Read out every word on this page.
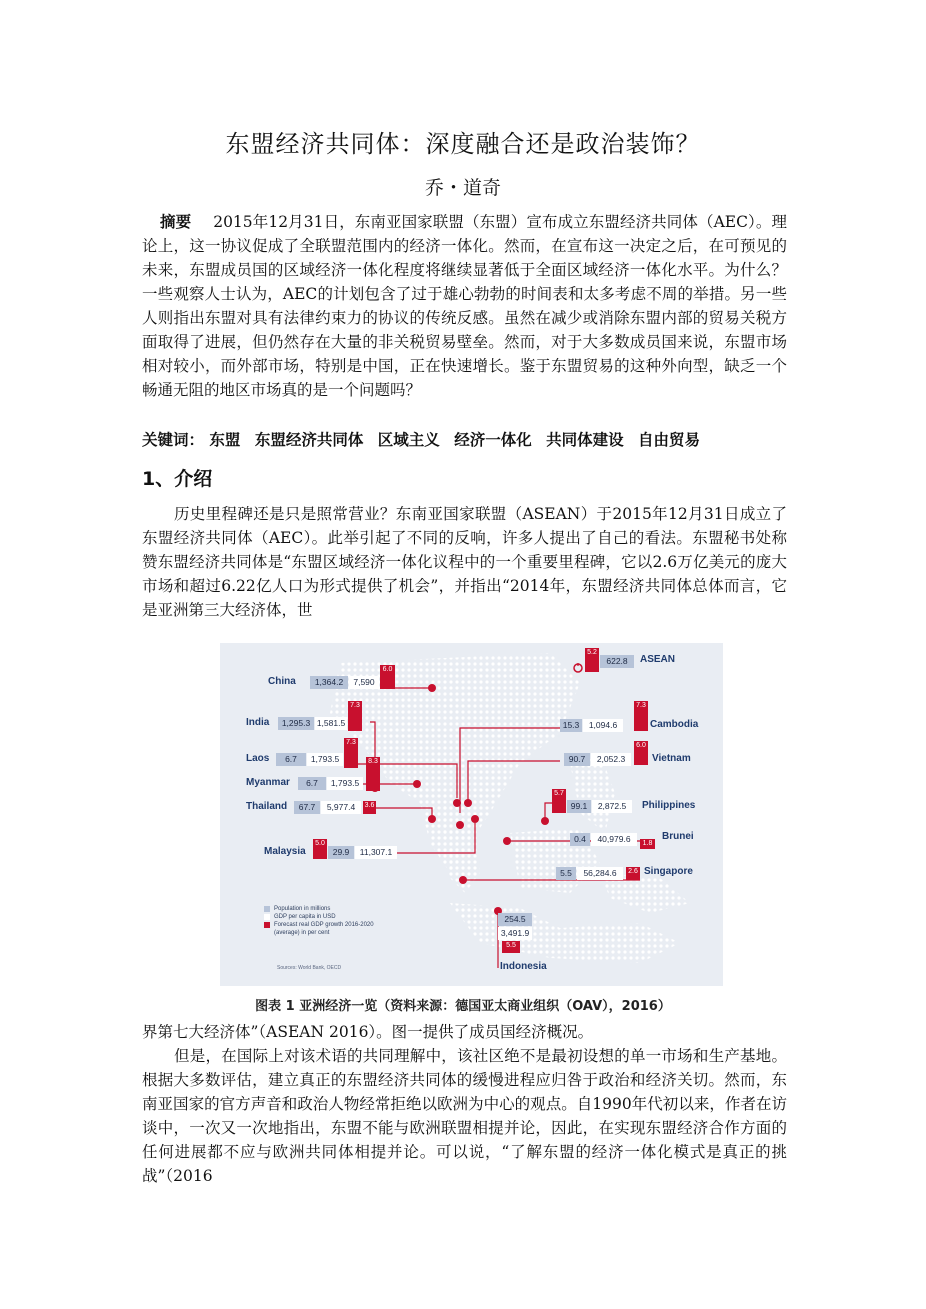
东盟经济共同体：深度融合还是政治装饰？
乔・道奇

摘要 2015年12月31日，东南亚国家联盟（东盟）宣布成立东盟经济共同体（AEC）。理论上，这一协议促成了全联盟范围内的经济一体化。然而，在宣布这一决定之后，在可预见的未来，东盟成员国的区域经济一体化程度将继续显著低于全面区域经济一体化水平。为什么？一些观察人士认为，AEC的计划包含了过于雄心勃勃的时间表和太多考虑不周的举措。另一些人则指出东盟对具有法律约束力的协议的传统反感。虽然在减少或消除东盟内部的贸易关税方面取得了进展，但仍然存在大量的非关税贸易壁垒。然而，对于大多数成员国来说，东盟市场相对较小，而外部市场，特别是中国，正在快速增长。鉴于东盟贸易的这种外向型，缺乏一个畅通无阻的地区市场真的是一个问题吗？

关键词： 东盟 东盟经济共同体 区域主义 经济一体化 共同体建设 自由贸易
1、介绍

历史里程碑还是只是照常营业？东南亚国家联盟（ASEAN）于2015年12月31日成立了东盟经济共同体（AEC）。此举引起了不同的反响，许多人提出了自己的看法。东盟秘书处称赞东盟经济共同体是“东盟区域经济一体化议程中的一个重要里程碑，它以2.6万亿美元的庞大市场和超过6.22亿人口为形式提供了机会”，并指出“2014年，东盟经济共同体总体而言，它是亚洲第三大经济体，世

China	1,364.2	7,590
6.0
India	1,295.3 1,581.5
7.3
Laos	6.7	1,793.5
7.3
Myanmar	6.7	1,793.5
8.3
Thailand	67.7	5,977.4	3.6
Malaysia
5.0
29.9	11,307.1
5.2
622.8	ASEAN
15.3	1,094.6
7.3
Cambodia
90.7	2,052.3
6.0
Vietnam
5.7
99.1	2,872.5	Philippines
0.4	40,979.6	1.8
Brunei
5.5	56,284.6	2.6 Singapore
254.5
3,491.9
5.5
Indonesia
Population in millions
GDP per capita in USD
Forecast real GDP growth 2016-2020 (average) in per cent
Sources: World Bank, OECD
图表 1 亚洲经济一览（资料来源：德国亚太商业组织（OAV），2016）

界第七大经济体”（ASEAN 2016）。图一提供了成员国经济概况。

但是，在国际上对该术语的共同理解中，该社区绝不是最初设想的单一市场和生产基地。根据大多数评估，建立真正的东盟经济共同体的缓慢进程应归咎于政治和经济关切。然而，东南亚国家的官方声音和政治人物经常拒绝以欧洲为中心的观点。自1990年代初以来，作者在访谈中，一次又一次地指出，东盟不能与欧洲联盟相提并论，因此，在实现东盟经济合作方面的任何进展都不应与欧洲共同体相提并论。可以说，“了解东盟的经济一体化模式是真正的挑战”（2016
